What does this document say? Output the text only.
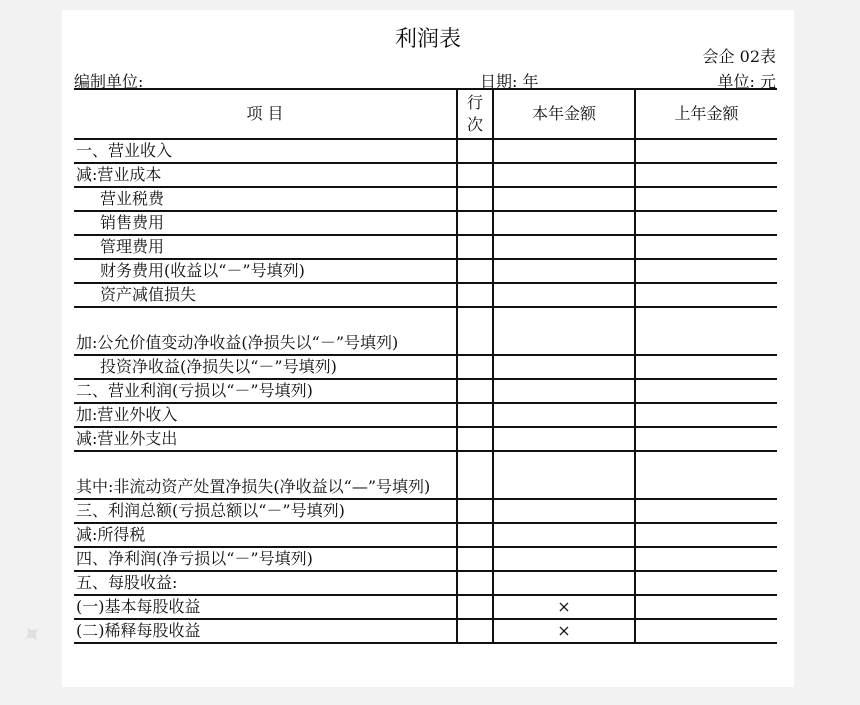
利润表
会企 02表
编制单位:	日期: 年	单位: 元
项 目	行次	本年金额	上年金额
一、营业收入			
减:营业成本			
营业税费			
销售费用			
管理费用			
财务费用(收益以“－”号填列)			
资产减值损失			
加:公允价值变动净收益(净损失以“－”号填列)			
投资净收益(净损失以“－”号填列)			
二、营业利润(亏损以“－”号填列)			
加:营业外收入			
减:营业外支出			
其中:非流动资产处置净损失(净收益以“—”号填列)			
三、利润总额(亏损总额以“－”号填列)			
减:所得税			
四、净利润(净亏损以“－”号填列)			
五、每股收益:			
(一)基本每股收益		×	
(二)稀释每股收益		×	
✦
